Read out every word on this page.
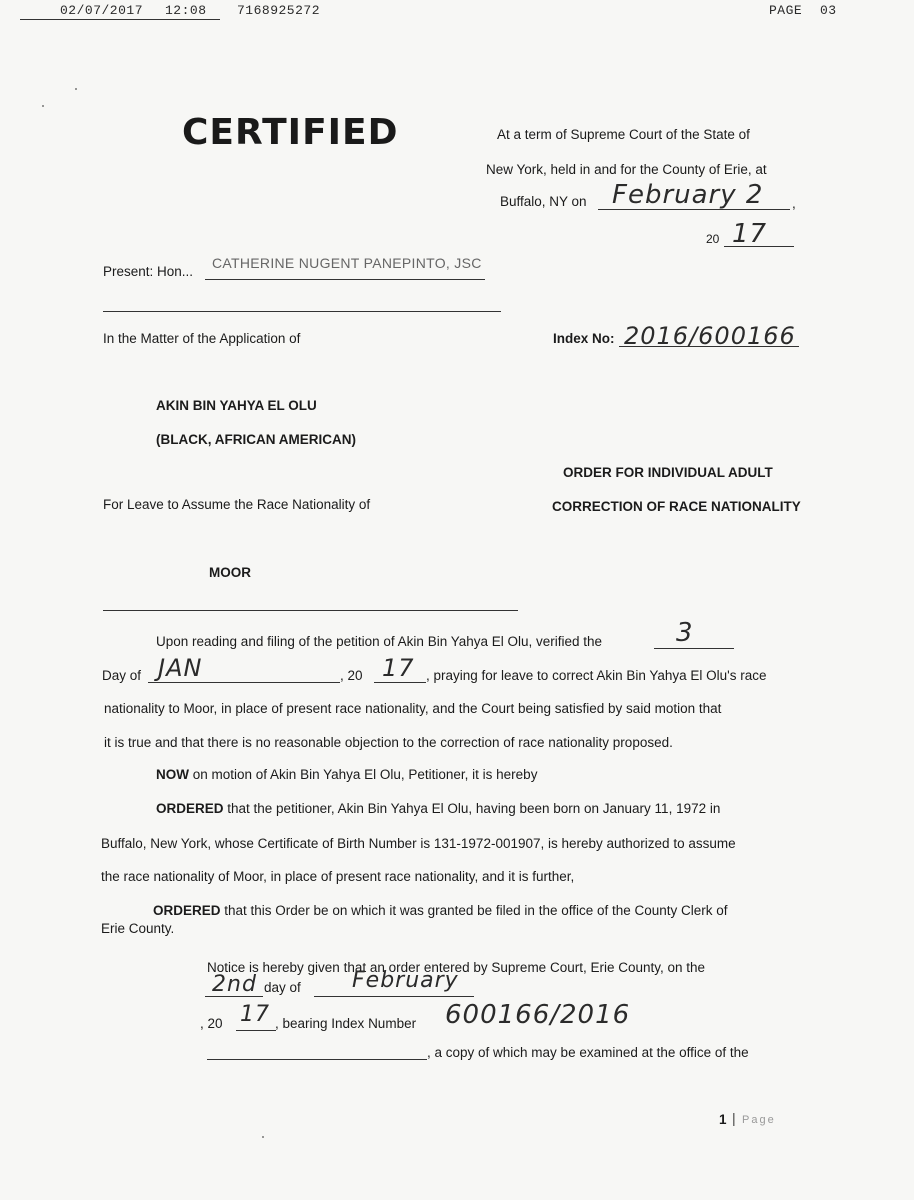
02/07/2017 12:08 7168925272	PAGE 03
CERTIFIED	At a term of Supreme Court of the State of
New York, held in and for the County of Erie, at
Buffalo, NY on February 2 ,
20 17
Present: Hon...
CATHERINE NUGENT PANEPINTO, JSC
In the Matter of the Application of	Index No: 2016/600166
AKIN BIN YAHYA EL OLU
(BLACK, AFRICAN AMERICAN)
ORDER FOR INDIVIDUAL ADULT
CORRECTION OF RACE NATIONALITY
For Leave to Assume the Race Nationality of
MOOR
Upon reading and filing of the petition of Akin Bin Yahya El Olu, verified the	3
Day of JAN	, 20 17 , praying for leave to correct Akin Bin Yahya El Olu's race
nationality to Moor, in place of present race nationality, and the Court being satisfied by said motion that
it is true and that there is no reasonable objection to the correction of race nationality proposed.
NOW on motion of Akin Bin Yahya El Olu, Petitioner, it is hereby
ORDERED that the petitioner, Akin Bin Yahya El Olu, having been born on January 11, 1972 in
Buffalo, New York, whose Certificate of Birth Number is 131-1972-001907, is hereby authorized to assume
the race nationality of Moor, in place of present race nationality, and it is further,
ORDERED that this Order be on which it was granted be filed in the office of the County Clerk of
Erie County.
Notice is hereby given that an order entered by Supreme Court, Erie County, on the
2nd day of February
, 20 17 , bearing Index Number 600166/2016
, a copy of which may be examined at the office of the
1 | Page
